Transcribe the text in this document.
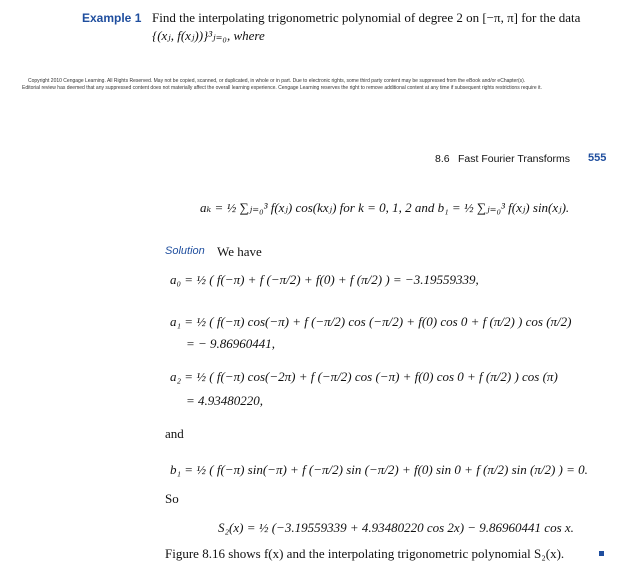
Example 1 Find the interpolating trigonometric polynomial of degree 2 on [−π, π] for the data
{(xⱼ, f(xⱼ))}³ⱼ₌₀, where
Copyright 2010 Cengage Learning. All Rights Reserved. May not be copied, scanned, or duplicated, in whole or in part. Due to electronic rights, some third party content may be suppressed from the eBook and/or eChapter(s).
Editorial review has deemed that any suppressed content does not materially affect the overall learning experience. Cengage Learning reserves the right to remove additional content at any time if subsequent rights restrictions require it.
8.6 Fast Fourier Transforms 555
aₖ = ½ ∑ⱼ₌₀³ f(xⱼ) cos(kxⱼ) for k = 0, 1, 2 and b₁ = ½ ∑ⱼ₌₀³ f(xⱼ) sin(xⱼ).
Solution We have
a₀ = ½ ( f(−π) + f (−π/2) + f(0) + f (π/2) ) = −3.19559339,
a₁ = ½ ( f(−π) cos(−π) + f (−π/2) cos (−π/2) + f(0) cos 0 + f (π/2) ) cos (π/2)
= − 9.86960441,
a₂ = ½ ( f(−π) cos(−2π) + f (−π/2) cos (−π) + f(0) cos 0 + f (π/2) ) cos (π)
= 4.93480220,
and
b₁ = ½ ( f(−π) sin(−π) + f (−π/2) sin (−π/2) + f(0) sin 0 + f (π/2) sin (π/2) ) = 0.
So
S₂(x) = ½ (−3.19559339 + 4.93480220 cos 2x) − 9.86960441 cos x.
Figure 8.16 shows f(x) and the interpolating trigonometric polynomial S₂(x).
